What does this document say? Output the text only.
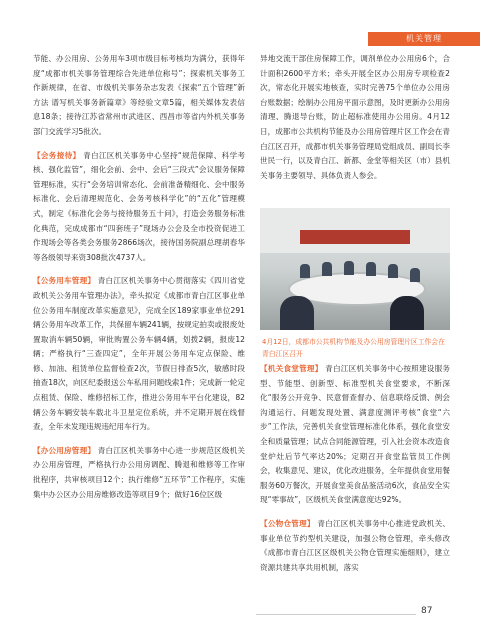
机关管理

节能、办公用房、公务用车3项市级目标考核均为满分，获得年度“成都市机关事务管理综合先进单位称号”；探索机关事务工作新规律，在省、市级机关事务杂志发表《探索“五个管理”新方法 谱写机关事务新篇章》等经验文章5篇，相关媒体发表信息18条；接待江苏省常州市武进区、西昌市等省内外机关事务部门交流学习5批次。

【会务接待】 青白江区机关事务中心坚持“规范保障、科学考核、强化监管”，细化会前、会中、会后“三段式”会议服务保障管理标准，实行“会务培训常态化、会前准备精细化、会中服务标准化、会后清理规范化、会务考核科学化”的“五化”管理模式，制定《标准化会务与接待服务五十问》，打造会务服务标准化典范，完成成都市“四套班子”现场办公会及全市投资促进工作现场会等各类会务服务2866场次，接待国务院副总理胡春华等各级领导来资308批次4737人。

【公务用车管理】 青白江区机关事务中心贯彻落实《四川省党政机关公务用车管理办法》，牵头拟定《成都市青白江区事业单位公务用车制度改革实施意见》，完成全区189家事业单位291辆公务用车改革工作，共保留车辆241辆，按规定拍卖或报废处置取消车辆50辆，审批购置公务车辆4辆，划拨2辆，报废12辆；严格执行“三查四定”，全年开展公务用车定点保险、维修、加油、租赁单位监督检查2次，节假日排查5次，敏感时段抽查18次，向区纪委报送公车私用问题线索1件；完成新一轮定点租赁、保险、维修招标工作，推进公务用车平台化建设，82辆公务车辆安装车载北斗卫星定位系统，并不定期开展在线督查，全年未发现违规违纪用车行为。

【办公用房管理】 青白江区机关事务中心进一步规范区级机关办公用房管理，严格执行办公用房调配、腾退和维修等工作审批程序，共审核项目12个；执行维修“五环节”工作程序，实施集中办公区办公用房维修改造等项目9个；做好16位区级

异地交流干部住房保障工作，调剂单位办公用房6个，合计面积2600平方米；牵头开展全区办公用房专项检查2次，常态化开展实地核查，实时完善75个单位办公用房台账数据；绘制办公用房平面示意图，及时更新办公用房清理、腾退导台账，防止超标准使用办公用房。4月12日，成都市公共机构节能及办公用房管理片区工作会在青白江区召开，成都市机关事务管理局党组成员、副局长李世民一行，以及青白江、新都、金堂等相关区（市）县机关事务主要领导、具体负责人参会。

4月12日，成都市公共机构节能及办公用房管理片区工作会在青白江区召开

【机关食堂管理】 青白江区机关事务中心按照建设服务型、节能型、创新型、标准型机关食堂要求，不断深化“服务公开竞争、民意督查督办、信息联络反馈、例会沟通运行、问题发现处置、满意度测评考核”食堂“六步”工作法，完善机关食堂管理标准化体系，强化食堂安全和质量管理；试点合同能源管理，引入社会资本改造食堂炉灶后节气率达20%；定期召开食堂监管员工作例会，收集意见、建议，优化改进服务，全年提供食堂用餐服务60万餐次，开展食堂美食品鉴活动6次，食品安全实现“零事故”，区级机关食堂满意度达92%。

【公物仓管理】 青白江区机关事务中心推进党政机关、事业单位节约型机关建设，加强公物仓管理，牵头修改《成都市青白江区区级机关公物仓管理实施细则》，建立资源共建共享共用机制，落实

87
